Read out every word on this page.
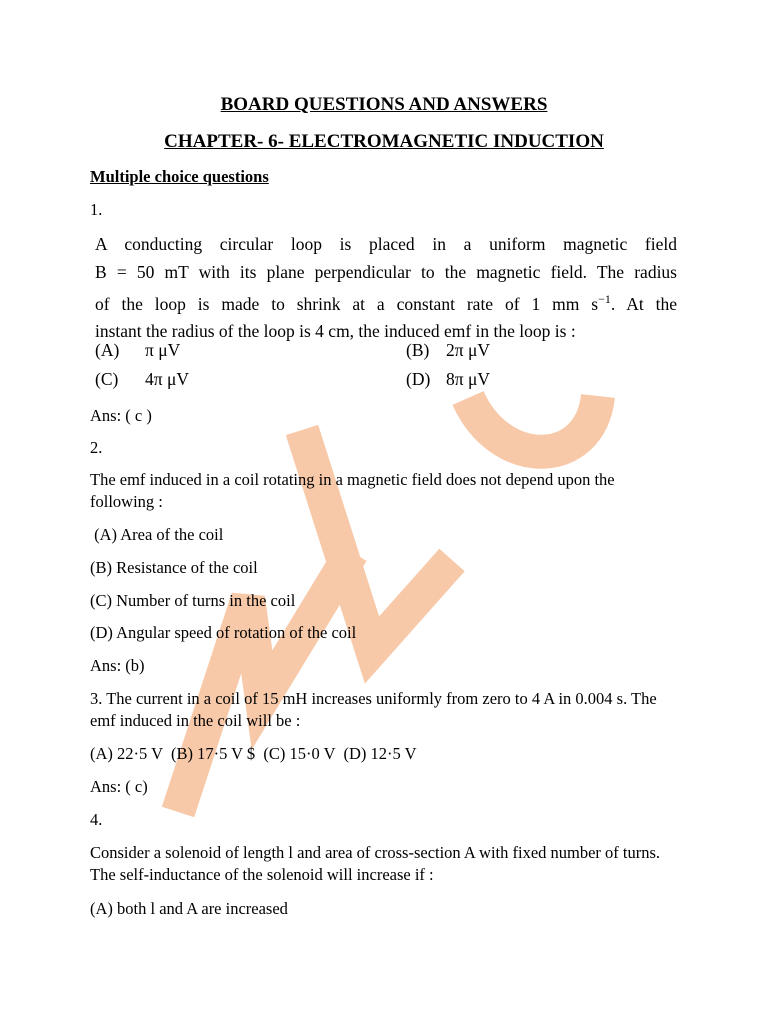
BOARD QUESTIONS AND ANSWERS
CHAPTER- 6- ELECTROMAGNETIC INDUCTION
Multiple choice questions
1.
A conducting circular loop is placed in a uniform magnetic field
B = 50 mT with its plane perpendicular to the magnetic field. The radius
of the loop is made to shrink at a constant rate of 1 mm $s^{-1}$. At the
instant the radius of the loop is 4 cm, the induced emf in the loop is :
(A) π μV	(B) 2π μV
(C) 4π μV	(D) 8π μV
Ans: ( c )
2.
The emf induced in a coil rotating in a magnetic field does not depend upon the following :
(A) Area of the coil
(B) Resistance of the coil
(C) Number of turns in the coil
(D) Angular speed of rotation of the coil
Ans: (b)
3. The current in a coil of 15 mH increases uniformly from zero to 4 A in 0.004 s. The emf induced in the coil will be :
(A) 22·5 V  (B) 17·5 V $  (C) 15·0 V  (D) 12·5 V
Ans: ( c)
4.
Consider a solenoid of length l and area of cross-section A with fixed number of turns. The self-inductance of the solenoid will increase if :
(A) both l and A are increased
